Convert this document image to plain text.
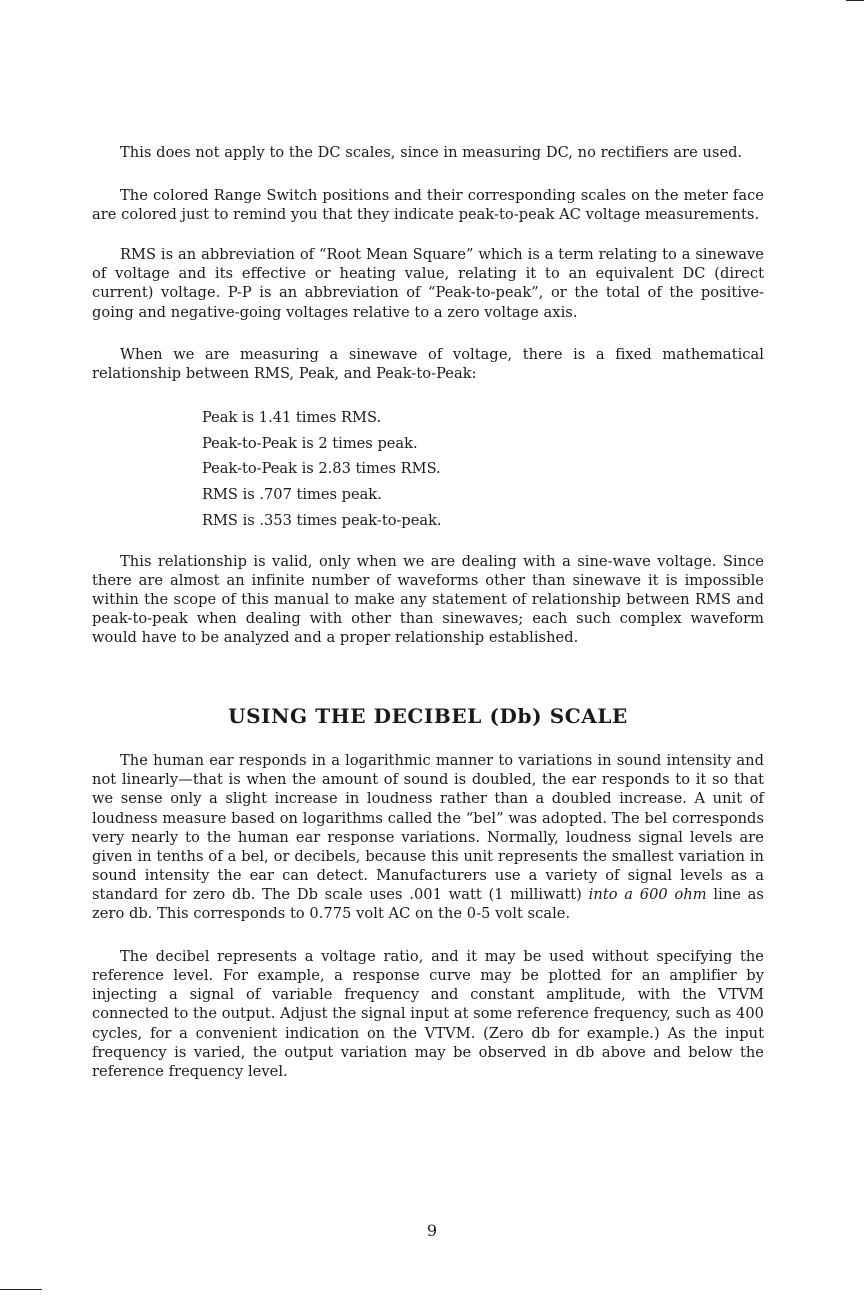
This does not apply to the DC scales, since in measuring DC, no rectifiers are used.

The colored Range Switch positions and their corresponding scales on the meter face are colored just to remind you that they indicate peak-to-peak AC voltage measurements.

RMS is an abbreviation of “Root Mean Square” which is a term relating to a sinewave of voltage and its effective or heating value, relating it to an equivalent DC (direct current) voltage. P-P is an abbreviation of “Peak-to-peak”, or the total of the positive-going and negative-going voltages relative to a zero voltage axis.

When we are measuring a sinewave of voltage, there is a fixed mathematical relationship between RMS, Peak, and Peak-to-Peak:

Peak is 1.41 times RMS.
Peak-to-Peak is 2 times peak.
Peak-to-Peak is 2.83 times RMS.
RMS is .707 times peak.
RMS is .353 times peak-to-peak.

This relationship is valid, only when we are dealing with a sine-wave voltage. Since there are almost an infinite number of waveforms other than sinewave it is impossible within the scope of this manual to make any statement of relationship between RMS and peak-to-peak when dealing with other than sinewaves; each such complex waveform would have to be analyzed and a proper relationship established.

USING THE DECIBEL (Db) SCALE

The human ear responds in a logarithmic manner to variations in sound intensity and not linearly—that is when the amount of sound is doubled, the ear responds to it so that we sense only a slight increase in loudness rather than a doubled increase. A unit of loudness measure based on logarithms called the “bel” was adopted. The bel corresponds very nearly to the human ear response variations. Normally, loudness signal levels are given in tenths of a bel, or decibels, because this unit represents the smallest variation in sound intensity the ear can detect. Manufacturers use a variety of signal levels as a standard for zero db. The Db scale uses .001 watt (1 milliwatt) into a 600 ohm line as zero db. This corresponds to 0.775 volt AC on the 0-5 volt scale.

The decibel represents a voltage ratio, and it may be used without specifying the reference level. For example, a response curve may be plotted for an amplifier by injecting a signal of variable frequency and constant amplitude, with the VTVM connected to the output. Adjust the signal input at some reference frequency, such as 400 cycles, for a convenient indication on the VTVM. (Zero db for example.) As the input frequency is varied, the output variation may be observed in db above and below the reference frequency level.

9
